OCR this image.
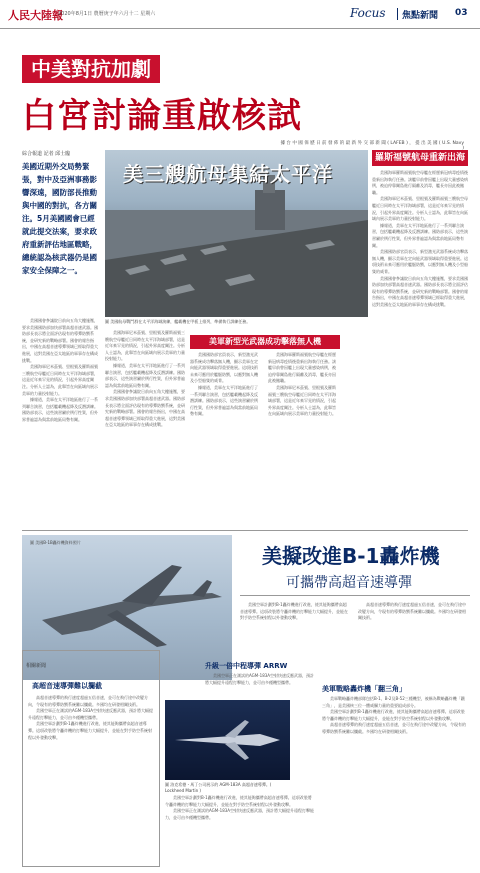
人民大陸報
2020年8月1日 農曆庚子年六月十二 星期六	Focus 焦點新聞 03
中美對抗加劇
白宮討論重啟核試
據 台 中 國 保 歷 日 前 發 佈 的 最 新 外 交 部 新 聞 ( LAFEB ) ， 提 出 美 國 ( U.S. Navy )
綜合報道 記者 邱士臨
美國近期外交局勢緊張，對中及亞洲事務影響深遠，國防部長推動與中國的對抗，各方關注。5月美國國會已經就此提交法案，要求政府重新評估地區戰略，總統認為核武器仍是國家安全保障之一。

美國國會參議院日前向五角大樓施壓，要求美國國防部加快部署高超音速武器。國防部長表示將全面評估現有的導彈防禦系統，並研究新的戰略部署。國會的報告指出，中國在高超音速導彈領域已經取得重大進展，這對美國在亞太地區的軍事存在構成挑戰。

美國海軍尼米茲號、里根號及羅斯福號三艘航空母艦近日同時在太平洋海域部署，這是近年來罕見的情況，引起外界高度關注。分析人士認為，此舉旨在向區域內展示美軍的力量投射能力。

據報道，美軍在太平洋地區進行了一系列聯合演習，包括艦載機起降及反潛訓練。國防部表示，這些演習屬於例行性質，但外界普遍認為與當前地區局勢有關。

美三艘航母集結太平洋
圖 美國航母戰鬥群在太平洋海域演練，艦載機在甲板上排列，準備執行訓練任務。
羅斯福號航母重新出海

美國海軍羅斯福號航空母艦在經歷新冠病毒疫情後重新出海執行任務。該艦早前曾因艦上出現大量感染病例，被迫停靠關島進行隔離及消毒，艦長亦因此被撤職。

美國海軍尼米茲號、里根號及羅斯福號三艘航空母艦近日同時在太平洋海域部署，這是近年來罕見的情況，引起外界高度關注。分析人士認為，此舉旨在向區域內展示美軍的力量投射能力。

據報道，美軍在太平洋地區進行了一系列聯合演習，包括艦載機起降及反潛訓練。國防部表示，這些演習屬於例行性質，但外界普遍認為與當前地區局勢有關。

美國國防部官員表示，新型激光武器系統成功擊落無人機，顯示美軍在定向能武器領域取得重要進展。這項技術未來可應用於艦艇防禦，以應對無人機及小型船隻的威脅。

美國國會參議院日前向五角大樓施壓，要求美國國防部加快部署高超音速武器。國防部長表示將全面評估現有的導彈防禦系統，並研究新的戰略部署。國會的報告指出，中國在高超音速導彈領域已經取得重大進展，這對美國在亞太地區的軍事存在構成挑戰。

美國海軍尼米茲號、里根號及羅斯福號三艘航空母艦近日同時在太平洋海域部署，這是近年來罕見的情況，引起外界高度關注。分析人士認為，此舉旨在向區域內展示美軍的力量投射能力。

據報道，美軍在太平洋地區進行了一系列聯合演習，包括艦載機起降及反潛訓練。國防部表示，這些演習屬於例行性質，但外界普遍認為與當前地區局勢有關。

美國國會參議院日前向五角大樓施壓，要求美國國防部加快部署高超音速武器。國防部長表示將全面評估現有的導彈防禦系統，並研究新的戰略部署。國會的報告指出，中國在高超音速導彈領域已經取得重大進展，這對美國在亞太地區的軍事存在構成挑戰。

美軍新型光武器成功擊落無人機

美國國防部官員表示，新型激光武器系統成功擊落無人機，顯示美軍在定向能武器領域取得重要進展。這項技術未來可應用於艦艇防禦，以應對無人機及小型船隻的威脅。

據報道，美軍在太平洋地區進行了一系列聯合演習，包括艦載機起降及反潛訓練。國防部表示，這些演習屬於例行性質，但外界普遍認為與當前地區局勢有關。

美國海軍羅斯福號航空母艦在經歷新冠病毒疫情後重新出海執行任務。該艦早前曾因艦上出現大量感染病例，被迫停靠關島進行隔離及消毒，艦長亦因此被撤職。

美國海軍尼米茲號、里根號及羅斯福號三艘航空母艦近日同時在太平洋海域部署，這是近年來罕見的情況，引起外界高度關注。分析人士認為，此舉旨在向區域內展示美軍的力量投射能力。

圖 美國B-1B轟炸機資料照片
美擬改進B-1轟炸機
可攜帶高超音速導彈

美國空軍計劃對B-1轟炸機進行改進，使其能夠攜帶高超音速導彈。這項改裝將令轟炸機的打擊能力大幅提升，並能在對手防空系統射程以外發動攻擊。

高超音速導彈的飛行速度超過五倍音速，並可在飛行途中改變方向，令現有的導彈防禦系統難以攔截。多國均在研發相關技術。

相關新聞
高超音速導彈難以攔截

高超音速導彈的飛行速度超過五倍音速，並可在飛行途中改變方向，令現有的導彈防禦系統難以攔截。多國均在研發相關技術。

美國空軍正在測試的AGM-183A空射快速反應武器，預計將大幅提升遠程打擊能力，並可由多種機型攜帶。

美國空軍計劃對B-1轟炸機進行改進，使其能夠攜帶高超音速導彈。這項改裝將令轟炸機的打擊能力大幅提升，並能在對手防空系統射程以外發動攻擊。

升級一倍中程導彈 ARRW

美國空軍正在測試的AGM-183A空射快速反應武器，預計將大幅提升遠程打擊能力，並可由多種機型攜帶。

圖 洛克希德・馬丁公司展示的 AGM-183A 高超音速導彈。( Lockheed Martin )

美國空軍計劃對B-1轟炸機進行改進，使其能夠攜帶高超音速導彈。這項改裝將令轟炸機的打擊能力大幅提升，並能在對手防空系統射程以外發動攻擊。

美國空軍正在測試的AGM-183A空射快速反應武器，預計將大幅提升遠程打擊能力，並可由多種機型攜帶。

美軍戰略轟炸機「翻三角」

美軍戰略轟炸機部隊包括B-1、B-2及B-52三種機型，被稱為戰略轟炸機「鐵三角」，是美國核三位一體威懾力量的重要組成部分。

美國空軍計劃對B-1轟炸機進行改進，使其能夠攜帶高超音速導彈。這項改裝將令轟炸機的打擊能力大幅提升，並能在對手防空系統射程以外發動攻擊。

高超音速導彈的飛行速度超過五倍音速，並可在飛行途中改變方向，令現有的導彈防禦系統難以攔截。多國均在研發相關技術。
